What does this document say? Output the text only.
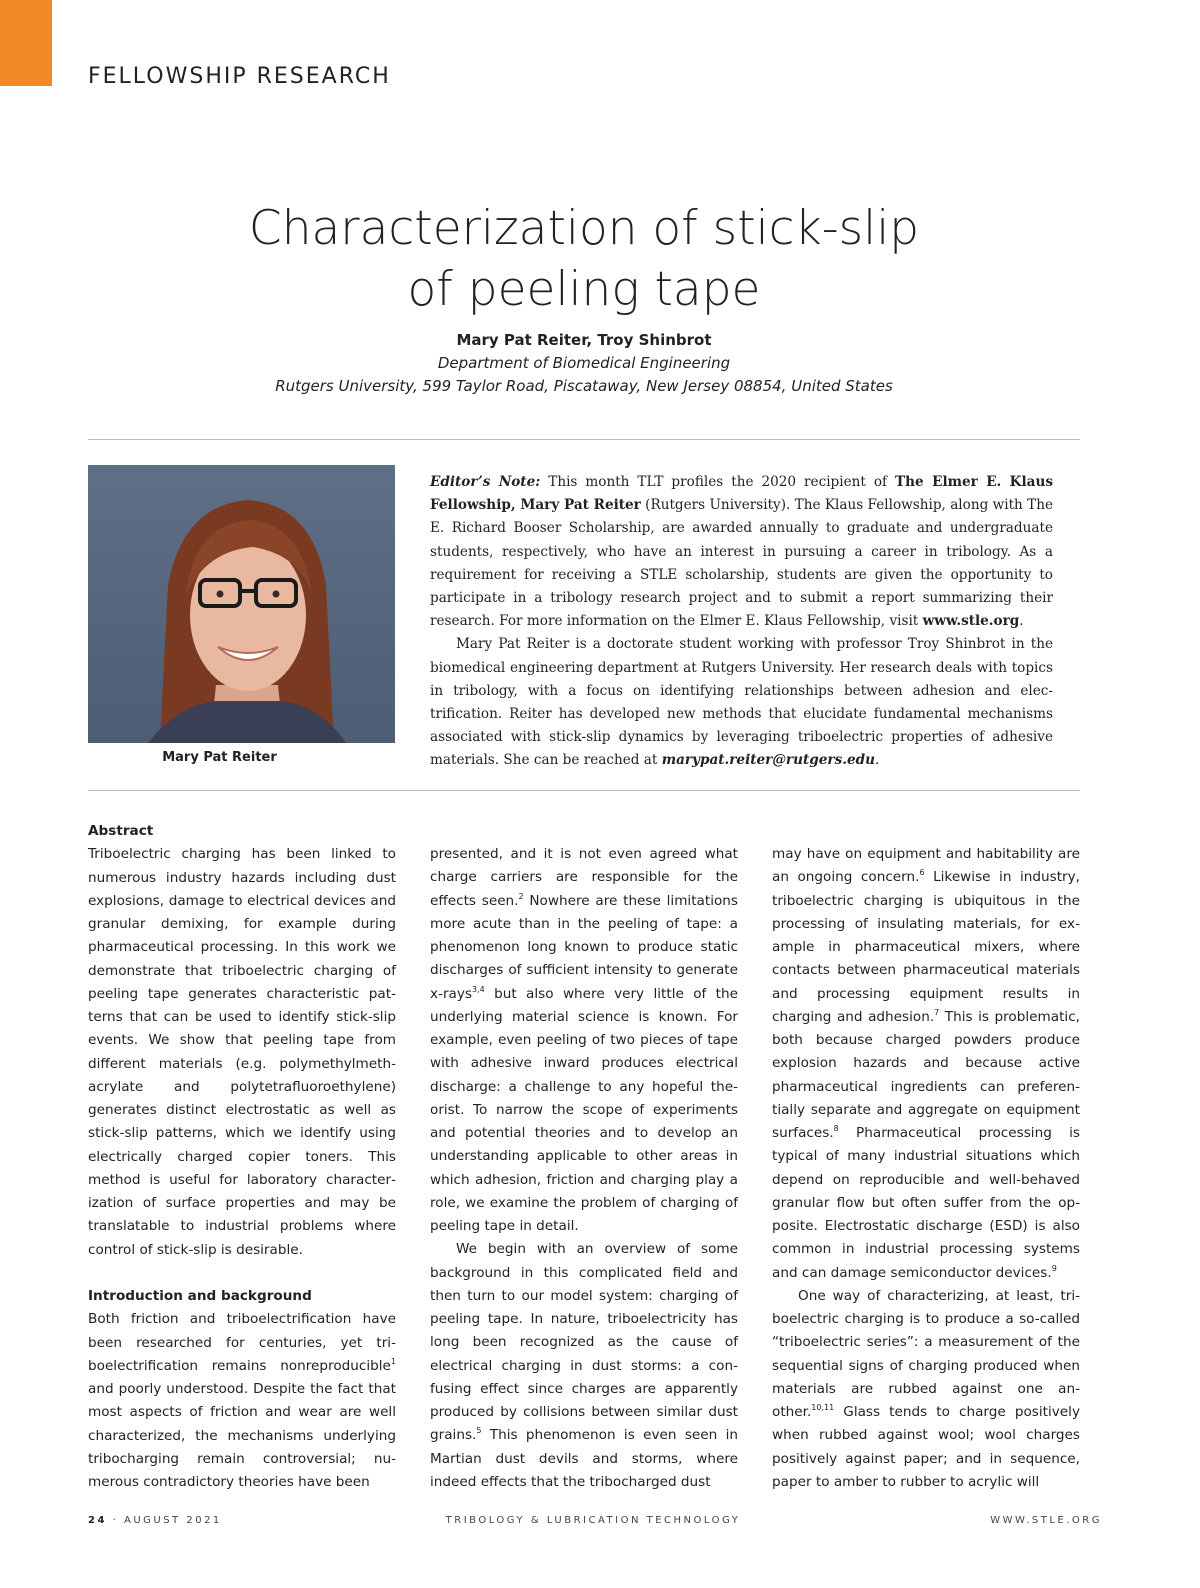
FELLOWSHIP RESEARCH
Characterization of stick-slip
of peeling tape
Mary Pat Reiter, Troy Shinbrot
Department of Biomedical Engineering
Rutgers University, 599 Taylor Road, Piscataway, New Jersey 08854, United States
Mary Pat Reiter

Editor’s Note: This month TLT profiles the 2020 recipient of The Elmer E. Klaus Fellowship, Mary Pat Reiter (Rutgers University). The Klaus Fellowship, along with The E. Richard Booser Scholarship, are awarded annually to graduate and undergraduate students, respectively, who have an interest in pursuing a career in tribology. As a requirement for receiving a STLE scholarship, students are given the opportunity to participate in a tribology research project and to submit a report summarizing their research. For more information on the Elmer E. Klaus Fellowship, visit www.stle.org.

Mary Pat Reiter is a doctorate student working with professor Troy Shinbrot in the biomedical engineering department at Rutgers University. Her research deals with topics in tribology, with a focus on identifying relationships between adhesion and electrification. Reiter has developed new methods that elucidate fundamental mechanisms associated with stick-slip dynamics by leveraging triboelectric properties of adhesive materials. She can be reached at marypat.reiter@rutgers.edu.

Abstract

Triboelectric charging has been linked to numerous industry hazards including dust explosions, damage to electrical devices and granular demixing, for example during pharmaceutical processing. In this work we demonstrate that triboelectric charging of peeling tape generates characteristic patterns that can be used to identify stick-slip events. We show that peeling tape from different materials (e.g. polymethylmethacrylate and polytetrafluoroethylene) generates distinct electrostatic as well as stick-slip patterns, which we identify using electrically charged copier toners. This method is useful for laboratory characterization of surface properties and may be translatable to industrial problems where control of stick-slip is desirable.

Introduction and background

Both friction and triboelectrification have been researched for centuries, yet triboelectrification remains nonreproducible$^1$ and poorly understood. Despite the fact that most aspects of friction and wear are well characterized, the mechanisms underlying tribocharging remain controversial; numerous contradictory theories have been

presented, and it is not even agreed what charge carriers are responsible for the effects seen.$^2$ Nowhere are these limitations more acute than in the peeling of tape: a phenomenon long known to produce static discharges of sufficient intensity to generate x-rays$^{3,4}$ but also where very little of the underlying material science is known. For example, even peeling of two pieces of tape with adhesive inward produces electrical discharge: a challenge to any hopeful theorist. To narrow the scope of experiments and potential theories and to develop an understanding applicable to other areas in which adhesion, friction and charging play a role, we examine the problem of charging of peeling tape in detail.

We begin with an overview of some background in this complicated field and then turn to our model system: charging of peeling tape. In nature, triboelectricity has long been recognized as the cause of electrical charging in dust storms: a confusing effect since charges are apparently produced by collisions between similar dust grains.$^5$ This phenomenon is even seen in Martian dust devils and storms, where indeed effects that the tribocharged dust

may have on equipment and habitability are an ongoing concern.$^6$ Likewise in industry, triboelectric charging is ubiquitous in the processing of insulating materials, for example in pharmaceutical mixers, where contacts between pharmaceutical materials and processing equipment results in charging and adhesion.$^7$ This is problematic, both because charged powders produce explosion hazards and because active pharmaceutical ingredients can preferentially separate and aggregate on equipment surfaces.$^8$ Pharmaceutical processing is typical of many industrial situations which depend on reproducible and well-behaved granular flow but often suffer from the opposite. Electrostatic discharge (ESD) is also common in industrial processing systems and can damage semiconductor devices.$^9$

One way of characterizing, at least, triboelectric charging is to produce a so-called “triboelectric series”: a measurement of the sequential signs of charging produced when materials are rubbed against one another.$^{10,11}$ Glass tends to charge positively when rubbed against wool; wool charges positively against paper; and in sequence, paper to amber to rubber to acrylic will

24 · AUGUST 2021	TRIBOLOGY & LUBRICATION TECHNOLOGY	WWW.STLE.ORG
